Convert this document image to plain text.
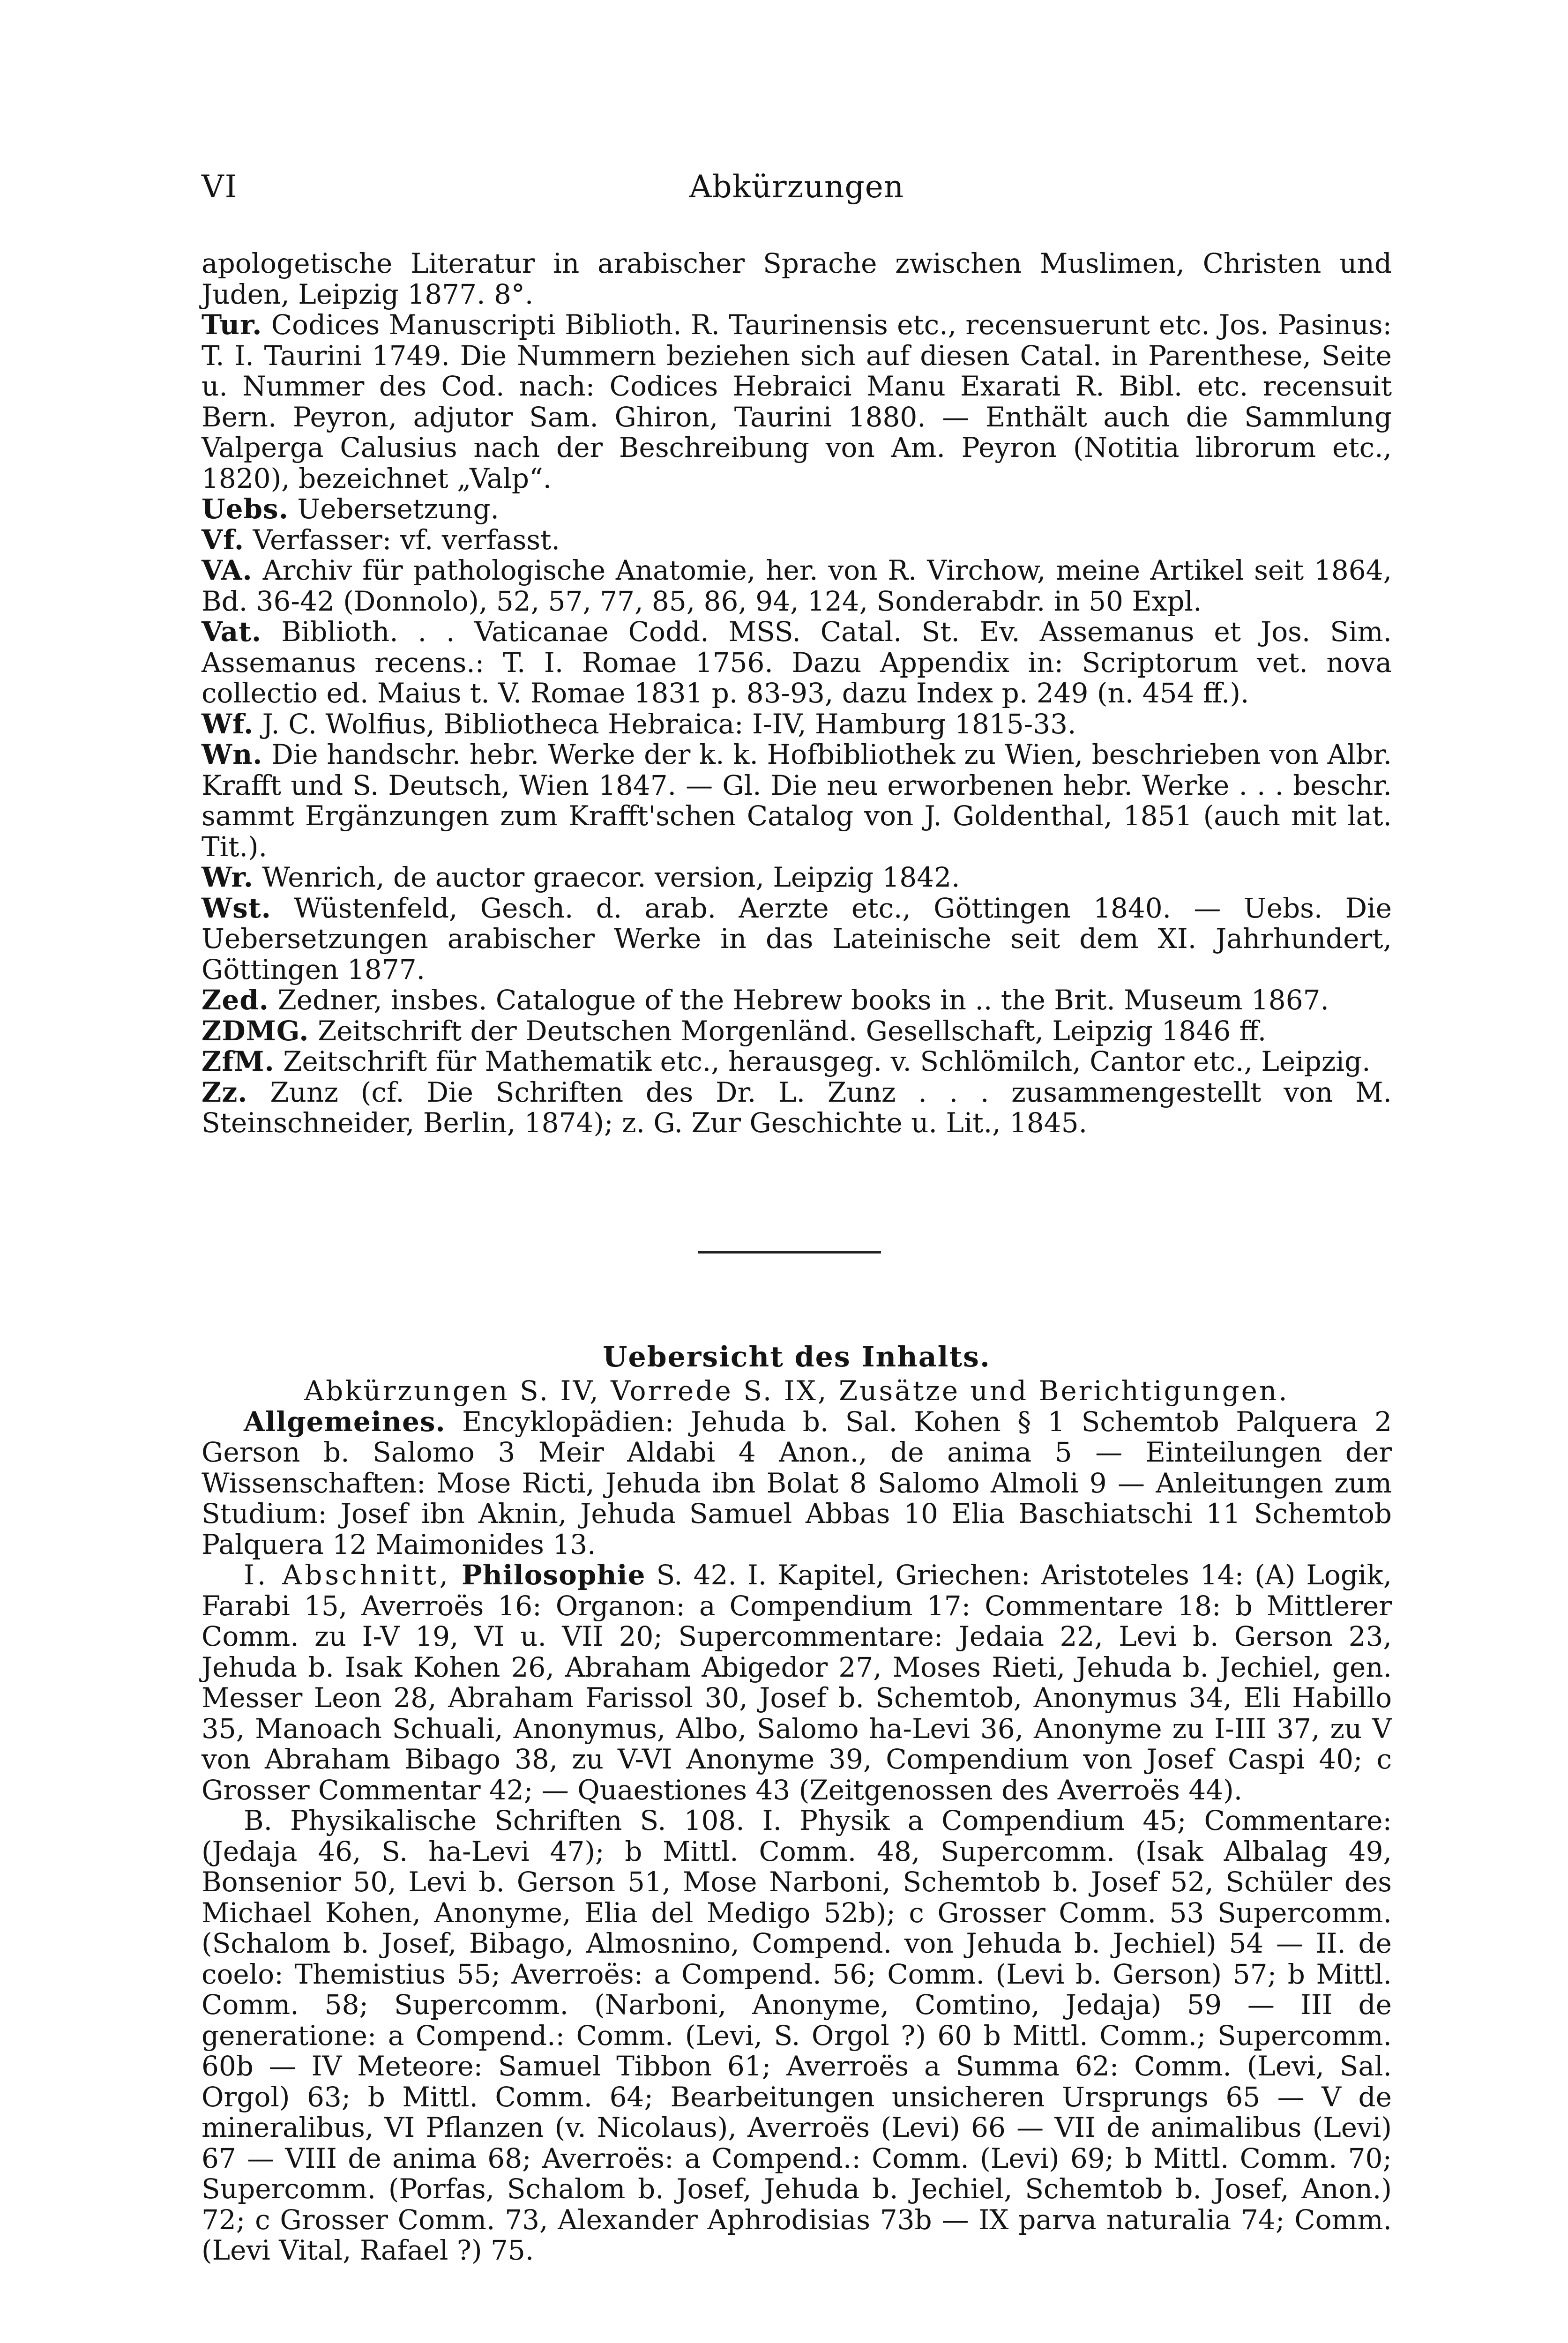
VI	Abkürzungen

apologetische Literatur in arabischer Sprache zwischen Muslimen, Christen und Juden, Leipzig 1877. 8°.

Tur. Codices Manuscripti Biblioth. R. Taurinensis etc., recensuerunt etc. Jos. Pasinus: T. I. Taurini 1749. Die Nummern beziehen sich auf diesen Catal. in Parenthese, Seite u. Nummer des Cod. nach: Codices Hebraici Manu Exarati R. Bibl. etc. recensuit Bern. Peyron, adjutor Sam. Ghiron, Taurini 1880. — Enthält auch die Sammlung Valperga Calusius nach der Beschreibung von Am. Peyron (Notitia librorum etc., 1820), bezeichnet „Valp“.

Uebs. Uebersetzung.

Vf. Verfasser: vf. verfasst.

VA. Archiv für pathologische Anatomie, her. von R. Virchow, meine Artikel seit 1864, Bd. 36-42 (Donnolo), 52, 57, 77, 85, 86, 94, 124, Sonderabdr. in 50 Expl.

Vat. Biblioth. . . Vaticanae Codd. MSS. Catal. St. Ev. Assemanus et Jos. Sim. Assemanus recens.: T. I. Romae 1756. Dazu Appendix in: Scriptorum vet. nova collectio ed. Maius t. V. Romae 1831 p. 83-93, dazu Index p. 249 (n. 454 ff.).

Wf. J. C. Wolfius, Bibliotheca Hebraica: I-IV, Hamburg 1815-33.

Wn. Die handschr. hebr. Werke der k. k. Hofbibliothek zu Wien, beschrieben von Albr. Krafft und S. Deutsch, Wien 1847. — Gl. Die neu erworbenen hebr. Werke . . . beschr. sammt Ergänzungen zum Krafft'schen Catalog von J. Goldenthal, 1851 (auch mit lat. Tit.).

Wr. Wenrich, de auctor graecor. version, Leipzig 1842.

Wst. Wüstenfeld, Gesch. d. arab. Aerzte etc., Göttingen 1840. — Uebs. Die Uebersetzungen arabischer Werke in das Lateinische seit dem XI. Jahrhundert, Göttingen 1877.

Zed. Zedner, insbes. Catalogue of the Hebrew books in .. the Brit. Museum 1867.

ZDMG. Zeitschrift der Deutschen Morgenländ. Gesellschaft, Leipzig 1846 ff.

ZfM. Zeitschrift für Mathematik etc., herausgeg. v. Schlömilch, Cantor etc., Leipzig.

Zz. Zunz (cf. Die Schriften des Dr. L. Zunz . . . zusammengestellt von M. Steinschneider, Berlin, 1874); z. G. Zur Geschichte u. Lit., 1845.

Uebersicht des Inhalts.

Abkürzungen S. IV, Vorrede S. IX, Zusätze und Berichtigungen.

Allgemeines. Encyklopädien: Jehuda b. Sal. Kohen § 1 Schemtob Palquera 2 Gerson b. Salomo 3 Meir Aldabi 4 Anon., de anima 5 — Einteilungen der Wissenschaften: Mose Ricti, Jehuda ibn Bolat 8 Salomo Almoli 9 — Anleitungen zum Studium: Josef ibn Aknin, Jehuda Samuel Abbas 10 Elia Baschiatschi 11 Schemtob Palquera 12 Maimonides 13.

I. Abschnitt, Philosophie S. 42. I. Kapitel, Griechen: Aristoteles 14: (A) Logik, Farabi 15, Averroës 16: Organon: a Compendium 17: Commentare 18: b Mittlerer Comm. zu I-V 19, VI u. VII 20; Supercommentare: Jedaia 22, Levi b. Gerson 23, Jehuda b. Isak Kohen 26, Abraham Abigedor 27, Moses Rieti, Jehuda b. Jechiel, gen. Messer Leon 28, Abraham Farissol 30, Josef b. Schemtob, Anonymus 34, Eli Habillo 35, Manoach Schuali, Anonymus, Albo, Salomo ha-Levi 36, Anonyme zu I-III 37, zu V von Abraham Bibago 38, zu V-VI Anonyme 39, Compendium von Josef Caspi 40; c Grosser Commentar 42; — Quaestiones 43 (Zeitgenossen des Averroës 44).

B. Physikalische Schriften S. 108. I. Physik a Compendium 45; Commentare: (Jedaja 46, S. ha-Levi 47); b Mittl. Comm. 48, Supercomm. (Isak Albalag 49, Bonsenior 50, Levi b. Gerson 51, Mose Narboni, Schemtob b. Josef 52, Schüler des Michael Kohen, Anonyme, Elia del Medigo 52b); c Grosser Comm. 53 Supercomm. (Schalom b. Josef, Bibago, Almosnino, Compend. von Jehuda b. Jechiel) 54 — II. de coelo: Themistius 55; Averroës: a Compend. 56; Comm. (Levi b. Gerson) 57; b Mittl. Comm. 58; Supercomm. (Narboni, Anonyme, Comtino, Jedaja) 59 — III de generatione: a Compend.: Comm. (Levi, S. Orgol ?) 60 b Mittl. Comm.; Supercomm. 60b — IV Meteore: Samuel Tibbon 61; Averroës a Summa 62: Comm. (Levi, Sal. Orgol) 63; b Mittl. Comm. 64; Bearbeitungen unsicheren Ursprungs 65 — V de mineralibus, VI Pflanzen (v. Nicolaus), Averroës (Levi) 66 — VII de animalibus (Levi) 67 — VIII de anima 68; Averroës: a Compend.: Comm. (Levi) 69; b Mittl. Comm. 70; Supercomm. (Porfas, Schalom b. Josef, Jehuda b. Jechiel, Schemtob b. Josef, Anon.) 72; c Grosser Comm. 73, Alexander Aphrodisias 73b — IX parva naturalia 74; Comm. (Levi Vital, Rafael ?) 75.
